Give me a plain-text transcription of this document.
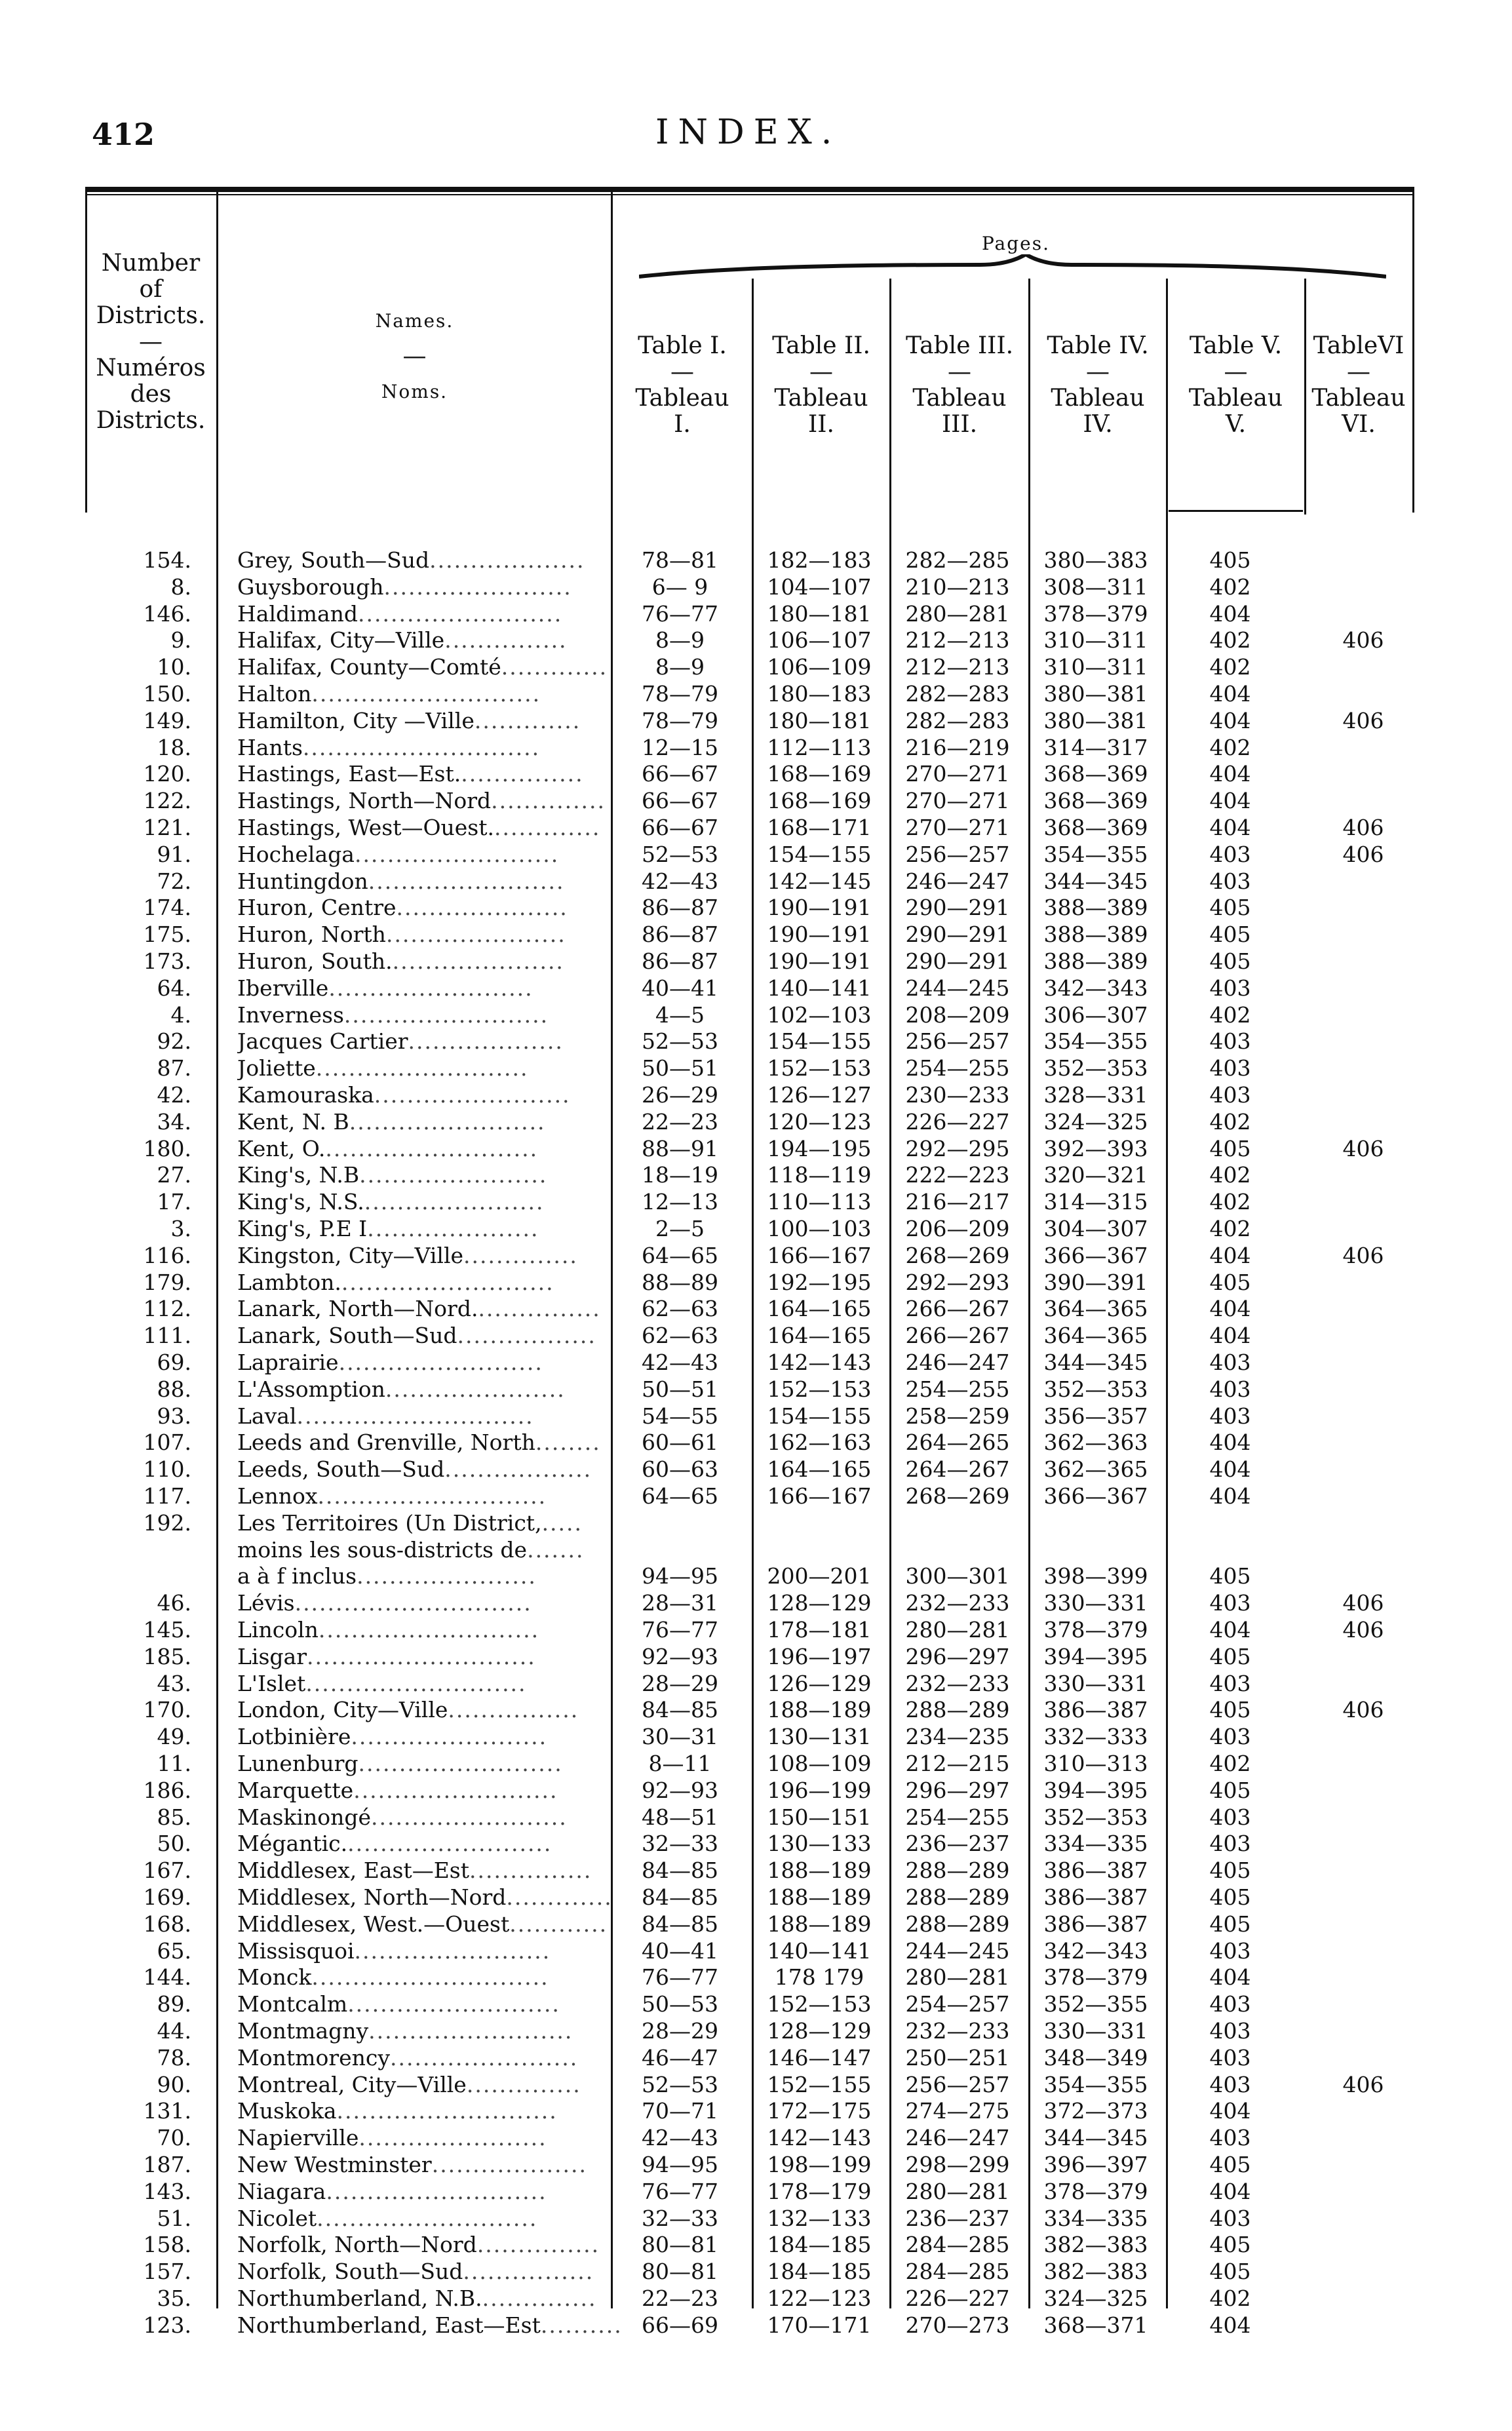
412	INDEX.
Number
of
Districts.
—
Numéros
des
Districts.
Names.
—
Noms.
Pages.
Table I.
—
Tableau
I.
Table II.
—
Tableau
II.
Table III.
—
Tableau
III.
Table IV.
—
Tableau
IV.
Table V.
—
Tableau
V.
TableVI
—
Tableau
VI.
154. Grey, South—Sud...................	78—81	182—183	282—285	380—383	405
8. Guysborough.......................	6— 9	104—107	210—213	308—311	402
146. Haldimand.........................	76—77	180—181	280—281	378—379	404
9. Halifax, City—Ville...............	8—9	106—107	212—213	310—311	402	406
10. Halifax, County—Comté.............	8—9	106—109	212—213	310—311	402
150. Halton............................	78—79	180—183	282—283	380—381	404
149. Hamilton, City —Ville.............	78—79	180—181	282—283	380—381	404	406
18. Hants.............................	12—15	112—113	216—219	314—317	402
120. Hastings, East—Est................	66—67	168—169	270—271	368—369	404
122. Hastings, North—Nord..............	66—67	168—169	270—271	368—369	404
121. Hastings, West—Ouest..............	66—67	168—171	270—271	368—369	404	406
91. Hochelaga.........................	52—53	154—155	256—257	354—355	403	406
72. Huntingdon........................	42—43	142—145	246—247	344—345	403
174. Huron, Centre.....................	86—87	190—191	290—291	388—389	405
175. Huron, North......................	86—87	190—191	290—291	388—389	405
173. Huron, South......................	86—87	190—191	290—291	388—389	405
64. Iberville.........................	40—41	140—141	244—245	342—343	403
4. Inverness.........................	4—5	102—103	208—209	306—307	402
92. Jacques Cartier...................	52—53	154—155	256—257	354—355	403
87. Joliette..........................	50—51	152—153	254—255	352—353	403
42. Kamouraska........................	26—29	126—127	230—233	328—331	403
34. Kent, N. B........................	22—23	120—123	226—227	324—325	402
180. Kent, O...........................	88—91	194—195	292—295	392—393	405	406
27. King's, N.B.......................	18—19	118—119	222—223	320—321	402
17. King's, N.S.......................	12—13	110—113	216—217	314—315	402
3. King's, P.E I.....................	2—5	100—103	206—209	304—307	402
116. Kingston, City—Ville..............	64—65	166—167	268—269	366—367	404	406
179. Lambton...........................	88—89	192—195	292—293	390—391	405
112. Lanark, North—Nord................	62—63	164—165	266—267	364—365	404
111. Lanark, South—Sud.................	62—63	164—165	266—267	364—365	404
69. Laprairie.........................	42—43	142—143	246—247	344—345	403
88. L'Assomption......................	50—51	152—153	254—255	352—353	403
93. Laval.............................	54—55	154—155	258—259	356—357	403
107. Leeds and Grenville, North........	60—61	162—163	264—265	362—363	404
110. Leeds, South—Sud..................	60—63	164—165	264—267	362—365	404
117. Lennox............................	64—65	166—167	268—269	366—367	404
192. Les Territoires (Un District,.....
moins les sous-districts de.......
a à f inclus......................	94—95	200—201	300—301	398—399	405
46. Lévis.............................	28—31	128—129	232—233	330—331	403	406
145. Lincoln...........................	76—77	178—181	280—281	378—379	404	406
185. Lisgar............................	92—93	196—197	296—297	394—395	405
43. L'Islet...........................	28—29	126—129	232—233	330—331	403
170. London, City—Ville................	84—85	188—189	288—289	386—387	405	406
49. Lotbinière........................	30—31	130—131	234—235	332—333	403
11. Lunenburg.........................	8—11	108—109	212—215	310—313	402
186. Marquette.........................	92—93	196—199	296—297	394—395	405
85. Maskinongé........................	48—51	150—151	254—255	352—353	403
50. Mégantic..........................	32—33	130—133	236—237	334—335	403
167. Middlesex, East—Est...............	84—85	188—189	288—289	386—387	405
169. Middlesex, North—Nord.............	84—85	188—189	288—289	386—387	405
168. Middlesex, West.—Ouest............	84—85	188—189	288—289	386—387	405
65. Missisquoi........................	40—41	140—141	244—245	342—343	403
144. Monck.............................	76—77	178 179	280—281	378—379	404
89. Montcalm..........................	50—53	152—153	254—257	352—355	403
44. Montmagny.........................	28—29	128—129	232—233	330—331	403
78. Montmorency.......................	46—47	146—147	250—251	348—349	403
90. Montreal, City—Ville..............	52—53	152—155	256—257	354—355	403	406
131. Muskoka...........................	70—71	172—175	274—275	372—373	404
70. Napierville.......................	42—43	142—143	246—247	344—345	403
187. New Westminster...................	94—95	198—199	298—299	396—397	405
143. Niagara...........................	76—77	178—179	280—281	378—379	404
51. Nicolet...........................	32—33	132—133	236—237	334—335	403
158. Norfolk, North—Nord...............	80—81	184—185	284—285	382—383	405
157. Norfolk, South—Sud................	80—81	184—185	284—285	382—383	405
35. Northumberland, N.B...............	22—23	122—123	226—227	324—325	402
123. Northumberland, East—Est.......... 66—69	170—171	270—273	368—371	404
